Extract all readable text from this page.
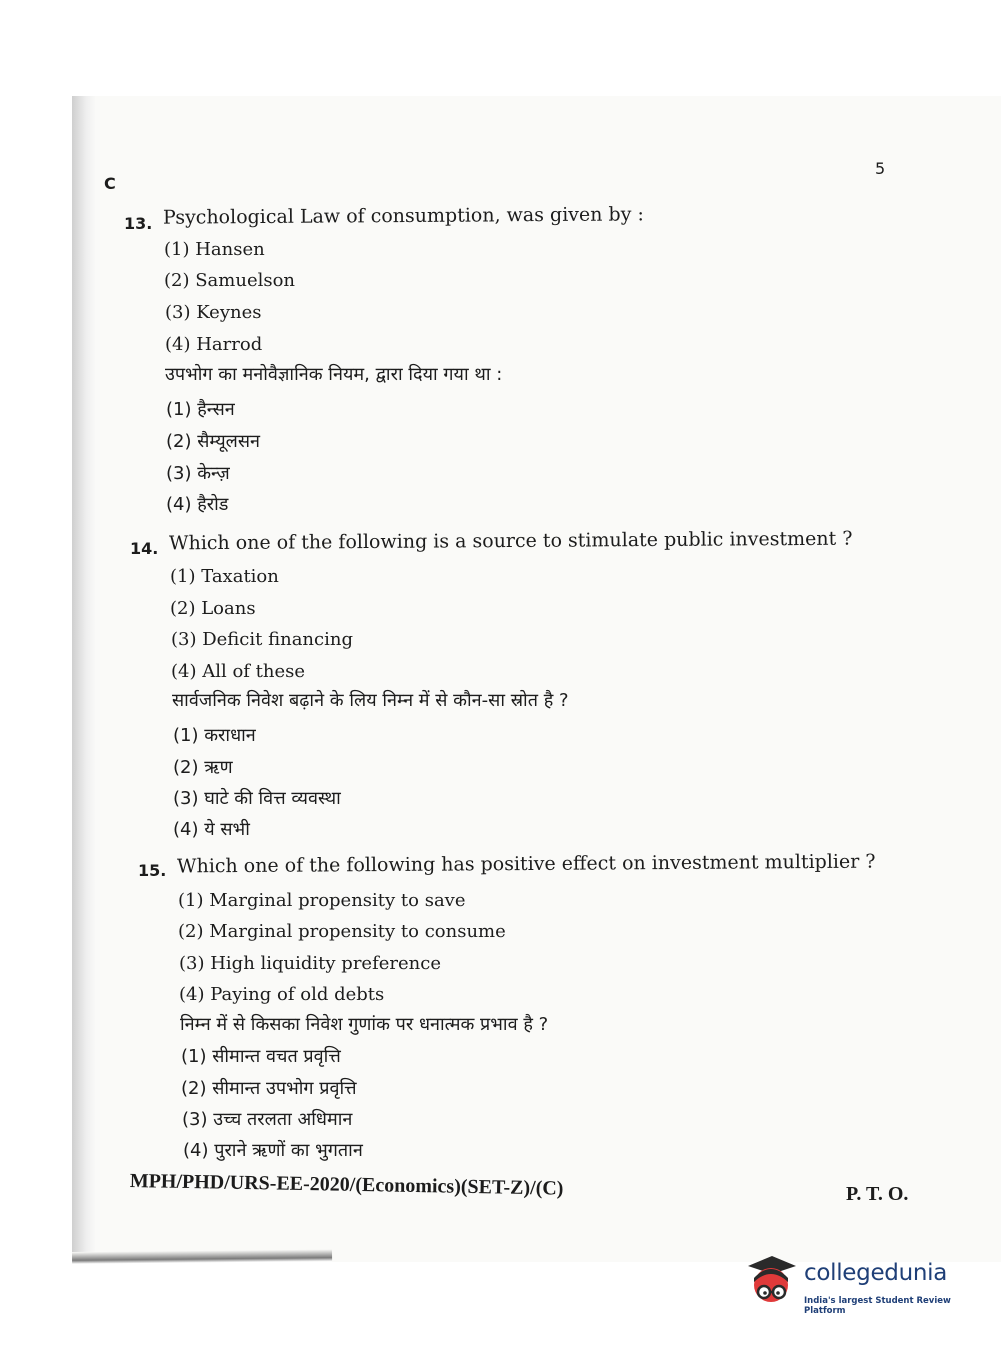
C
5
13. Psychological Law of consumption, was given by :
(1) Hansen
(2) Samuelson
(3) Keynes
(4) Harrod
उपभोग का मनोवैज्ञानिक नियम, द्वारा दिया गया था :
(1) हैन्सन
(2) सैम्यूलसन
(3) केन्ज़
(4) हैरोड
14. Which one of the following is a source to stimulate public investment ?
(1) Taxation
(2) Loans
(3) Deficit financing
(4) All of these
सार्वजनिक निवेश बढ़ाने के लिय निम्न में से कौन-सा स्रोत है ?
(1) कराधान
(2) ऋण
(3) घाटे की वित्त व्यवस्था
(4) ये सभी
15. Which one of the following has positive effect on investment multiplier ?
(1) Marginal propensity to save
(2) Marginal propensity to consume
(3) High liquidity preference
(4) Paying of old debts
निम्न में से किसका निवेश गुणांक पर धनात्मक प्रभाव है ?
(1) सीमान्त वचत प्रवृत्ति
(2) सीमान्त उपभोग प्रवृत्ति
(3) उच्च तरलता अधिमान
(4) पुराने ऋणों का भुगतान
MPH/PHD/URS-EE-2020/(Economics)(SET-Z)/(C)	P. T. O.
collegedunia
India's largest Student Review Platform
